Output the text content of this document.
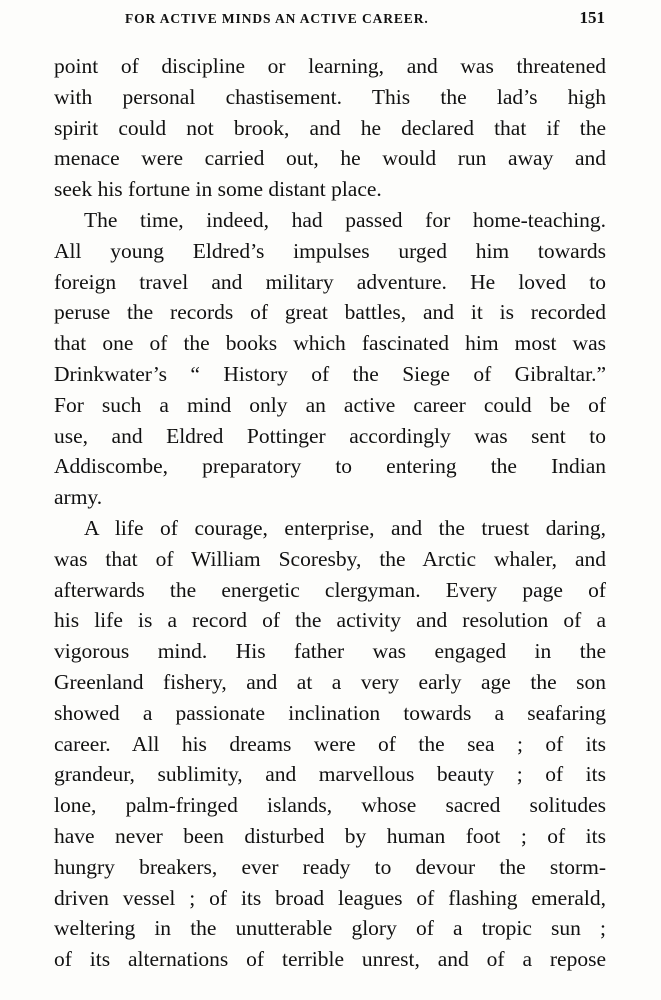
FOR ACTIVE MINDS AN ACTIVE CAREER.	151
point of discipline or learning, and was threatened
with personal chastisement. This the lad’s high
spirit could not brook, and he declared that if the
menace were carried out, he would run away and
seek his fortune in some distant place.
The time, indeed, had passed for home-teaching.
All young Eldred’s impulses urged him towards
foreign travel and military adventure. He loved to
peruse the records of great battles, and it is recorded
that one of the books which fascinated him most was
Drinkwater’s “ History of the Siege of Gibraltar.”
For such a mind only an active career could be of
use, and Eldred Pottinger accordingly was sent to
Addiscombe, preparatory to entering the Indian
army.
A life of courage, enterprise, and the truest daring,
was that of William Scoresby, the Arctic whaler, and
afterwards the energetic clergyman. Every page of
his life is a record of the activity and resolution of a
vigorous mind. His father was engaged in the
Greenland fishery, and at a very early age the son
showed a passionate inclination towards a seafaring
career. All his dreams were of the sea ; of its
grandeur, sublimity, and marvellous beauty ; of its
lone, palm-fringed islands, whose sacred solitudes
have never been disturbed by human foot ; of its
hungry breakers, ever ready to devour the storm-
driven vessel ; of its broad leagues of flashing emerald,
weltering in the unutterable glory of a tropic sun ;
of its alternations of terrible unrest, and of a repose
